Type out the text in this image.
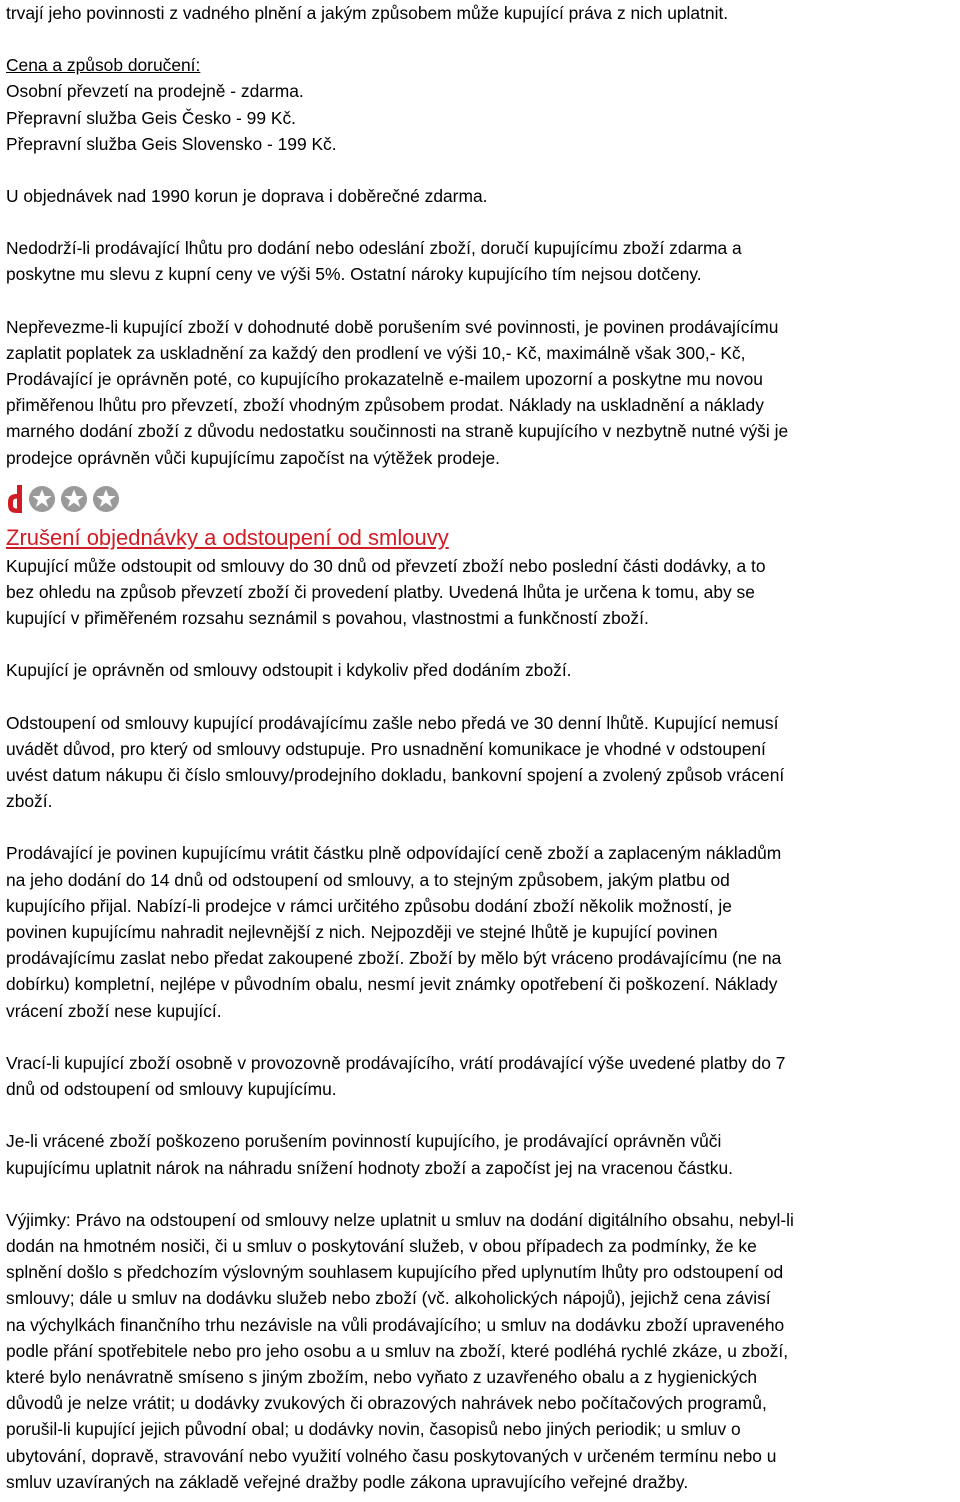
trvají jeho povinnosti z vadného plnění a jakým způsobem může kupující práva z nich uplatnit.

Cena a způsob doručení:
Osobní převzetí na prodejně - zdarma.
Přepravní služba Geis Česko - 99 Kč.
Přepravní služba Geis Slovensko - 199 Kč.

U objednávek nad 1990 korun je doprava i doběrečné zdarma.

Nedodrží-li prodávající lhůtu pro dodání nebo odeslání zboží, doručí kupujícímu zboží zdarma a
poskytne mu slevu z kupní ceny ve výši 5%. Ostatní nároky kupujícího tím nejsou dotčeny.

Nepřevezme-li kupující zboží v dohodnuté době porušením své povinnosti, je povinen prodávajícímu
zaplatit poplatek za uskladnění za každý den prodlení ve výši 10,- Kč, maximálně však 300,- Kč,
Prodávající je oprávněn poté, co kupujícího prokazatelně e-mailem upozorní a poskytne mu novou
přiměřenou lhůtu pro převzetí, zboží vhodným způsobem prodat. Náklady na uskladnění a náklady
marného dodání zboží z důvodu nedostatku součinnosti na straně kupujícího v nezbytně nutné výši je
prodejce oprávněn vůči kupujícímu započíst na výtěžek prodeje.

Zrušení objednávky a odstoupení od smlouvy

Kupující může odstoupit od smlouvy do 30 dnů od převzetí zboží nebo poslední části dodávky, a to
bez ohledu na způsob převzetí zboží či provedení platby. Uvedená lhůta je určena k tomu, aby se
kupující v přiměřeném rozsahu seznámil s povahou, vlastnostmi a funkčností zboží.

Kupující je oprávněn od smlouvy odstoupit i kdykoliv před dodáním zboží.

Odstoupení od smlouvy kupující prodávajícímu zašle nebo předá ve 30 denní lhůtě. Kupující nemusí
uvádět důvod, pro který od smlouvy odstupuje. Pro usnadnění komunikace je vhodné v odstoupení
uvést datum nákupu či číslo smlouvy/prodejního dokladu, bankovní spojení a zvolený způsob vrácení
zboží.

Prodávající je povinen kupujícímu vrátit částku plně odpovídající ceně zboží a zaplaceným nákladům
na jeho dodání do 14 dnů od odstoupení od smlouvy, a to stejným způsobem, jakým platbu od
kupujícího přijal. Nabízí-li prodejce v rámci určitého způsobu dodání zboží několik možností, je
povinen kupujícímu nahradit nejlevnější z nich. Nejpozději ve stejné lhůtě je kupující povinen
prodávajícímu zaslat nebo předat zakoupené zboží. Zboží by mělo být vráceno prodávajícímu (ne na
dobírku) kompletní, nejlépe v původním obalu, nesmí jevit známky opotřebení či poškození. Náklady
vrácení zboží nese kupující.

Vrací-li kupující zboží osobně v provozovně prodávajícího, vrátí prodávající výše uvedené platby do 7
dnů od odstoupení od smlouvy kupujícímu.

Je-li vrácené zboží poškozeno porušením povinností kupujícího, je prodávající oprávněn vůči
kupujícímu uplatnit nárok na náhradu snížení hodnoty zboží a započíst jej na vracenou částku.

Výjimky: Právo na odstoupení od smlouvy nelze uplatnit u smluv na dodání digitálního obsahu, nebyl-li
dodán na hmotném nosiči, či u smluv o poskytování služeb, v obou případech za podmínky, že ke
splnění došlo s předchozím výslovným souhlasem kupujícího před uplynutím lhůty pro odstoupení od
smlouvy; dále u smluv na dodávku služeb nebo zboží (vč. alkoholických nápojů), jejichž cena závisí
na výchylkách finančního trhu nezávisle na vůli prodávajícího; u smluv na dodávku zboží upraveného
podle přání spotřebitele nebo pro jeho osobu a u smluv na zboží, které podléhá rychlé zkáze, u zboží,
které bylo nenávratně smíseno s jiným zbožím, nebo vyňato z uzavřeného obalu a z hygienických
důvodů je nelze vrátit; u dodávky zvukových či obrazových nahrávek nebo počítačových programů,
porušil-li kupující jejich původní obal; u dodávky novin, časopisů nebo jiných periodik; u smluv o
ubytování, dopravě, stravování nebo využití volného času poskytovaných v určeném termínu nebo u
smluv uzavíraných na základě veřejné dražby podle zákona upravujícího veřejné dražby.
